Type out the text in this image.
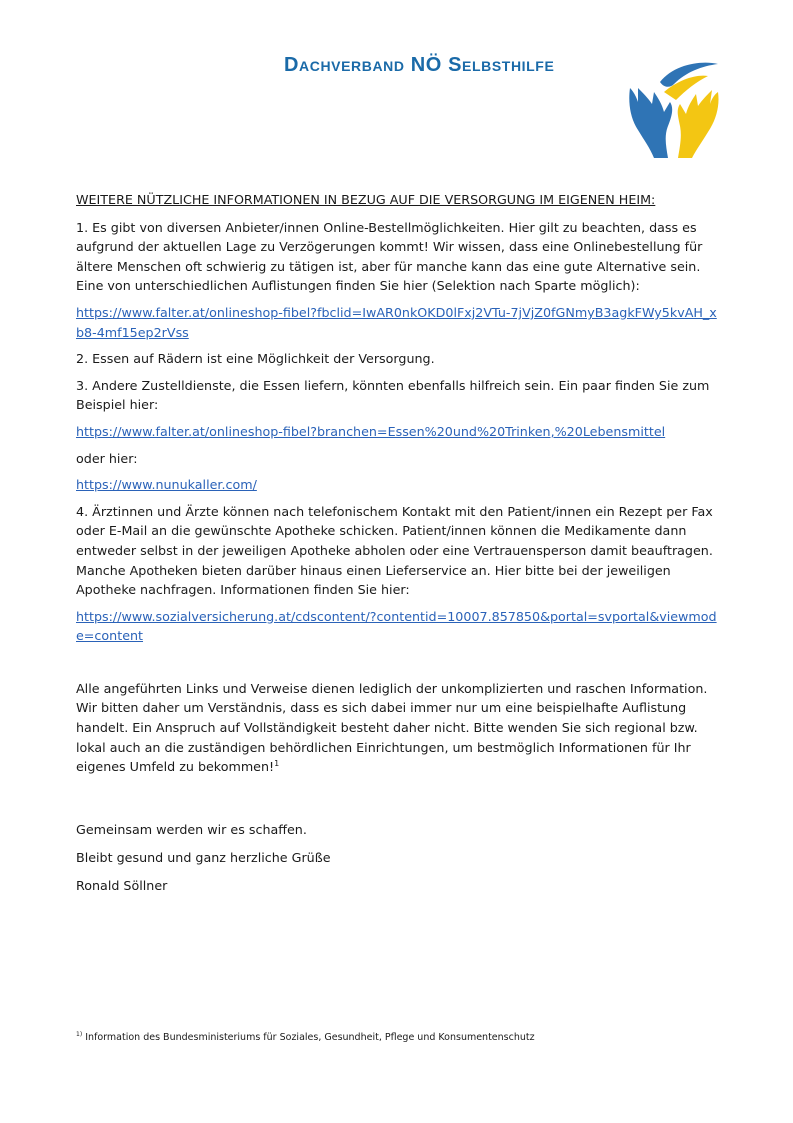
Dachverband NÖ Selbsthilfe

WEITERE NÜTZLICHE INFORMATIONEN IN BEZUG AUF DIE VERSORGUNG IM EIGENEN HEIM:

1. Es gibt von diversen Anbieter/innen Online-Bestellmöglichkeiten. Hier gilt zu beachten, dass es aufgrund der aktuellen Lage zu Verzögerungen kommt! Wir wissen, dass eine Onlinebestellung für ältere Menschen oft schwierig zu tätigen ist, aber für manche kann das eine gute Alternative sein. Eine von unterschiedlichen Auflistungen finden Sie hier (Selektion nach Sparte möglich):

https://www.falter.at/onlineshop-fibel?fbclid=IwAR0nkOKD0lFxj2VTu-7jVjZ0fGNmyB3agkFWy5kvAH_xb8-4mf15ep2rVss

2. Essen auf Rädern ist eine Möglichkeit der Versorgung.

3. Andere Zustelldienste, die Essen liefern, könnten ebenfalls hilfreich sein. Ein paar finden Sie zum Beispiel hier:

https://www.falter.at/onlineshop-fibel?branchen=Essen%20und%20Trinken,%20Lebensmittel

oder hier:

https://www.nunukaller.com/

4. Ärztinnen und Ärzte können nach telefonischem Kontakt mit den Patient/innen ein Rezept per Fax oder E-Mail an die gewünschte Apotheke schicken. Patient/innen können die Medikamente dann entweder selbst in der jeweiligen Apotheke abholen oder eine Vertrauensperson damit beauftragen. Manche Apotheken bieten darüber hinaus einen Lieferservice an. Hier bitte bei der jeweiligen Apotheke nachfragen. Informationen finden Sie hier:

https://www.sozialversicherung.at/cdscontent/?contentid=10007.857850&portal=svportal&viewmode=content

Alle angeführten Links und Verweise dienen lediglich der unkomplizierten und raschen Information. Wir bitten daher um Verständnis, dass es sich dabei immer nur um eine beispielhafte Auflistung handelt. Ein Anspruch auf Vollständigkeit besteht daher nicht. Bitte wenden Sie sich regional bzw. lokal auch an die zuständigen behördlichen Einrichtungen, um bestmöglich Informationen für Ihr eigenes Umfeld zu bekommen!$^1$

Gemeinsam werden wir es schaffen.

Bleibt gesund und ganz herzliche Grüße

Ronald Söllner

$^{1)}$ Information des Bundesministeriums für Soziales, Gesundheit, Pflege und Konsumentenschutz
